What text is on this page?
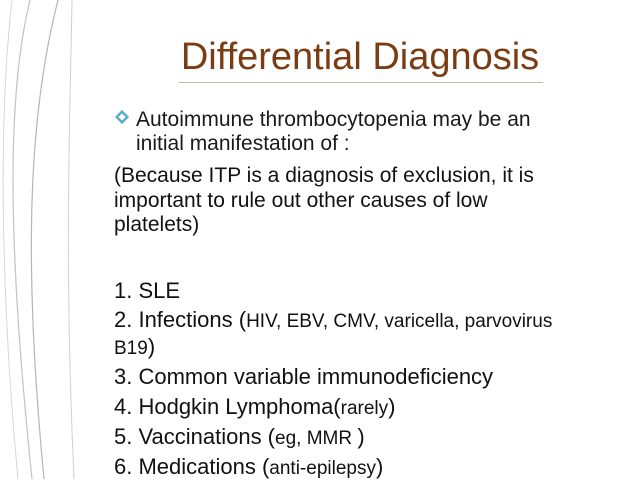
Differential Diagnosis
Autoimmune thrombocytopenia may be an
initial manifestation of :
(Because ITP is a diagnosis of exclusion, it is
important to rule out other causes of low
platelets)
1. SLE
2. Infections (HIV, EBV, CMV, varicella, parvovirus
B19)
3. Common variable immunodeficiency
4. Hodgkin Lymphoma(rarely)
5. Vaccinations (eg, MMR )
6. Medications (anti-epilepsy)
